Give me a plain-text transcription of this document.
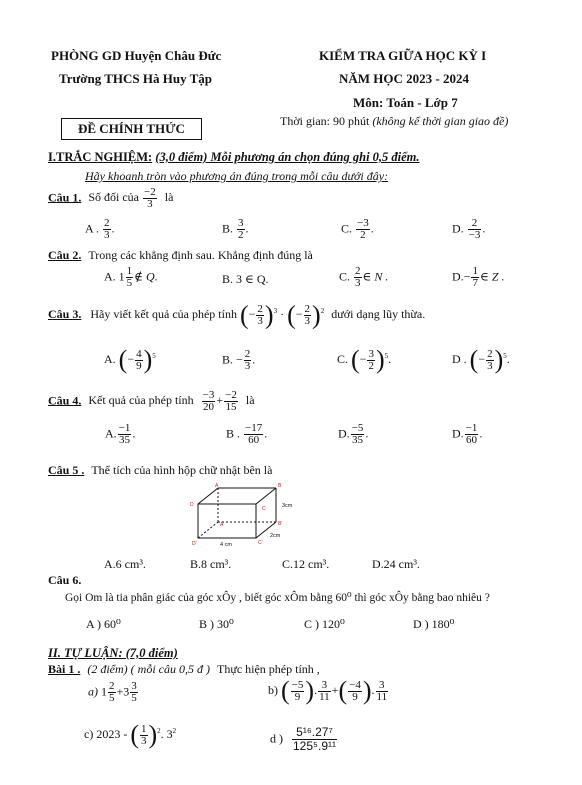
PHÒNG GD Huyện Châu Đức
Trường THCS Hà Huy Tập
KIỂM TRA GIỮA HỌC KỲ I
NĂM HỌC 2023 - 2024
Môn: Toán - Lớp 7
Thời gian: 90 phút (không kể thời gian giao đề)
ĐỀ CHÍNH THỨC
I.TRẮC NGHIỆM: (3,0 điểm) Mỗi phương án chọn đúng ghi 0,5 điểm.
Hãy khoanh tròn vào phương án đúng trong mỗi câu dưới đây:
Câu 1. Số đối của $\frac{-2}{3}$ là
A . $\frac{2}{3}$ .	B. $\frac{3}{2}$ .	C. $\frac{-3}{2}$ .	D. $\frac{2}{-3}$ .
Câu 2. Trong các khẳng định sau. Khẳng định đúng là
A. $1 \frac{1}{5}$ ∉ Q.	B. 3 ∈ Q.	C. $\frac{2}{3}$ ∈ N .	$D.- \frac{1}{7}$ ∈ Z .
Câu 3. Hãy viết kết quả của phép tính (− $\frac{2}{3} )^3$ · (− $\frac{2}{3} )^2$ dưới dạng lũy thừa.
A. (− $\frac{4}{9} )^5$	B. − $\frac{2}{3}$ .	C. (− $\frac{3}{2} )^5$.	D . (− $\frac{2}{3} )^5$.
Câu 4. Kết quả của phép tính $\frac{-3}{20} + \frac{-2}{15}$ là
A. $\frac{-1}{35}$ .	B . $\frac{-17}{60}$ .	D. $\frac{-5}{35}$ .	D. $\frac{-1}{60}$ .
Câu 5 . Thể tích của hình hộp chữ nhật bên là
A
D
C
B
A'
D'	C'
B'
3cm
2cm
4 cm
A.6 cm³.	B.8 cm³.	C.12 cm³.	D.24 cm³.
Câu 6.
Gọi Om là tia phân giác của góc xÔy , biết góc xÔm bằng 60⁰ thì góc xÔy bằng bao nhiêu ?
A ) 60⁰	B ) 30⁰	C ) 120⁰	D ) 180⁰
II. TỰ LUẬN: (7,0 điểm)
Bài 1 . (2 điểm) ( mỗi câu 0,5 đ ) Thực hiện phép tính ,
a) $1 \frac{2}{5} +3 \frac{3}{5}$	b) ( $\frac{-5}{9}$ ). $\frac{3}{11}$ +( $\frac{-4}{9}$ ). $\frac{3}{11}$
c) 2023 - ( $\frac{1}{3} )^2$. $3^2$
d ) $\frac{\text{5¹⁶.27⁷}}{\text{125⁵.9¹¹}}$
